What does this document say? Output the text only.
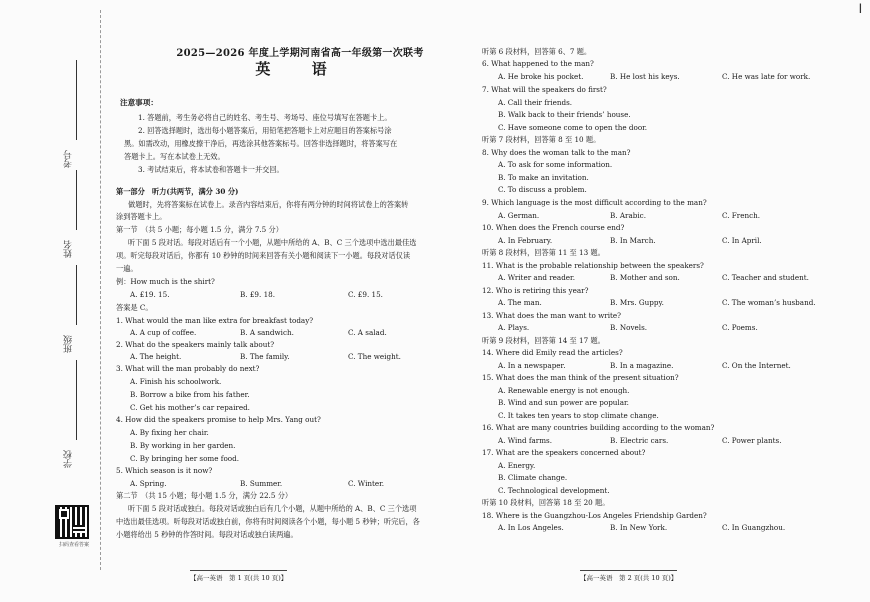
考号
姓名
班级
学校
扫码查看答案
┃
2025—2026 年度上学期河南省高一年级第一次联考
英 语
注意事项：
1. 答题前，考生务必将自己的姓名、考生号、考场号、座位号填写在答题卡上。
2. 回答选择题时，选出每小题答案后，用铅笔把答题卡上对应题目的答案标号涂
黑。如需改动，用橡皮擦干净后，再选涂其他答案标号。回答非选择题时，将答案写在
答题卡上。写在本试卷上无效。
3. 考试结束后，将本试卷和答题卡一并交回。
第一部分　听力(共两节，满分 30 分)
做题时，先将答案标在试卷上。录音内容结束后，你将有两分钟的时间将试卷上的答案转
涂到答题卡上。
第一节　（共 5 小题；每小题 1.5 分，满分 7.5 分）
听下面 5 段对话。每段对话后有一个小题，从题中所给的 A、B、C 三个选项中选出最佳选
项。听完每段对话后，你都有 10 秒钟的时间来回答有关小题和阅读下一小题。每段对话仅读
一遍。
例：How much is the shirt?
A. £19. 15.	B. £9. 18.	C. £9. 15.
答案是 C。
1. What would the man like extra for breakfast today?
A. A cup of coffee.	B. A sandwich.	C. A salad.
2. What do the speakers mainly talk about?
A. The height.	B. The family.	C. The weight.
3. What will the man probably do next?
A. Finish his schoolwork.
B. Borrow a bike from his father.
C. Get his mother’s car repaired.
4. How did the speakers promise to help Mrs. Yang out?
A. By fixing her chair.
B. By working in her garden.
C. By bringing her some food.
5. Which season is it now?
A. Spring.	B. Summer.	C. Winter.
第二节　（共 15 小题；每小题 1.5 分，满分 22.5 分）
听下面 5 段对话或独白。每段对话或独白后有几个小题，从题中所给的 A、B、C 三个选项
中选出最佳选项。听每段对话或独白前，你将有时间阅读各个小题，每小题 5 秒钟；听完后，各
小题将给出 5 秒钟的作答时间。每段对话或独白读两遍。
【高一英语　第 1 页(共 10 页)】
听第 6 段材料，回答第 6、7 题。
6. What happened to the man?
A. He broke his pocket.	B. He lost his keys.	C. He was late for work.
7. What will the speakers do first?
A. Call their friends.
B. Walk back to their friends’ house.
C. Have someone come to open the door.
听第 7 段材料，回答第 8 至 10 题。
8. Why does the woman talk to the man?
A. To ask for some information.
B. To make an invitation.
C. To discuss a problem.
9. Which language is the most difficult according to the man?
A. German.	B. Arabic.	C. French.
10. When does the French course end?
A. In February.	B. In March.	C. In April.
听第 8 段材料，回答第 11 至 13 题。
11. What is the probable relationship between the speakers?
A. Writer and reader.	B. Mother and son.	C. Teacher and student.
12. Who is retiring this year?
A. The man.	B. Mrs. Guppy.	C. The woman’s husband.
13. What does the man want to write?
A. Plays.	B. Novels.	C. Poems.
听第 9 段材料，回答第 14 至 17 题。
14. Where did Emily read the articles?
A. In a newspaper.	B. In a magazine.	C. On the Internet.
15. What does the man think of the present situation?
A. Renewable energy is not enough.
B. Wind and sun power are popular.
C. It takes ten years to stop climate change.
16. What are many countries building according to the woman?
A. Wind farms.	B. Electric cars.	C. Power plants.
17. What are the speakers concerned about?
A. Energy.
B. Climate change.
C. Technological development.
听第 10 段材料，回答第 18 至 20 题。
18. Where is the Guangzhou-Los Angeles Friendship Garden?
A. In Los Angeles.	B. In New York.	C. In Guangzhou.
【高一英语　第 2 页(共 10 页)】
